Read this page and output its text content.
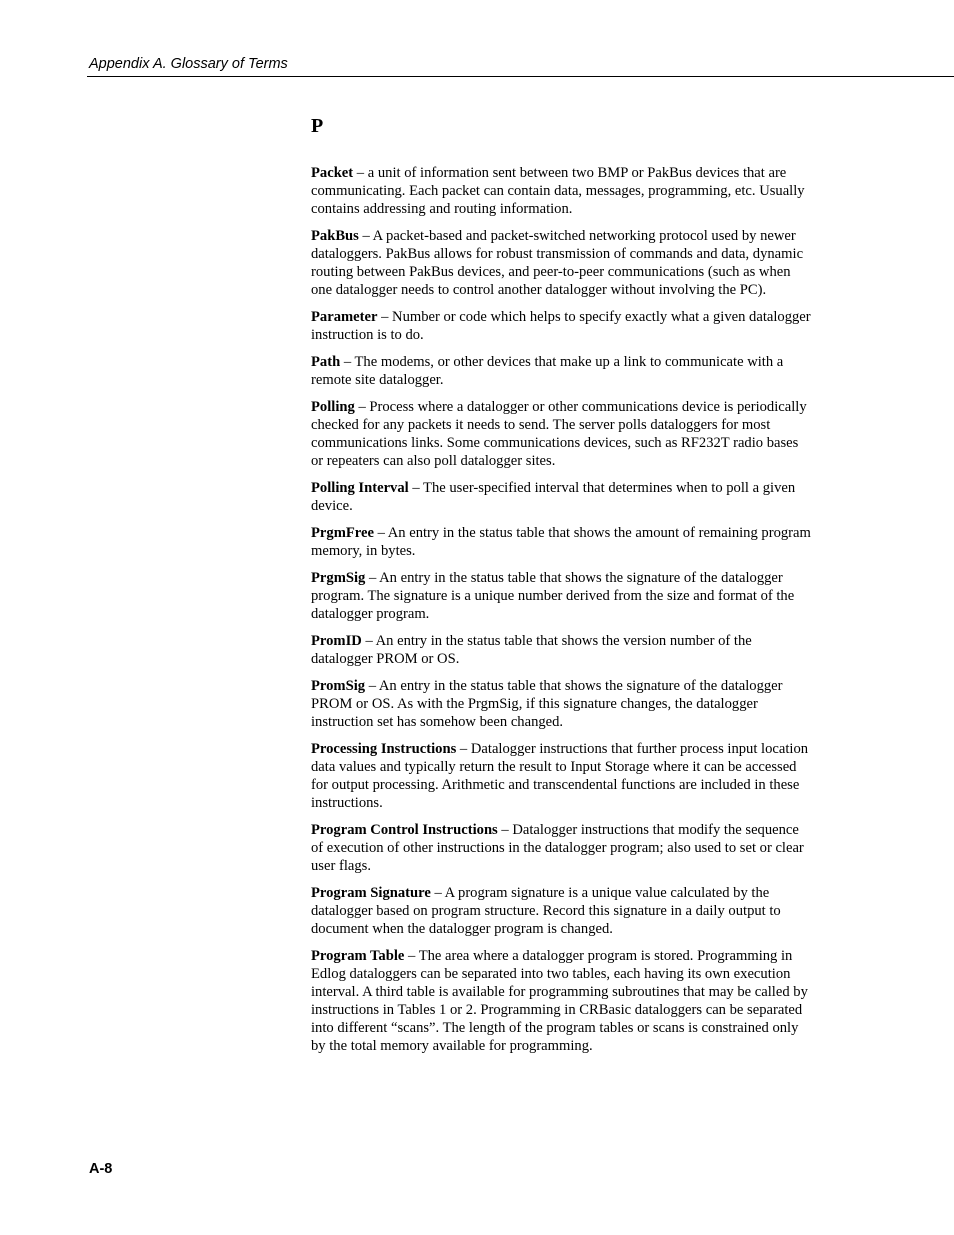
Appendix A. Glossary of Terms
P

Packet – a unit of information sent between two BMP or PakBus devices that are communicating. Each packet can contain data, messages, programming, etc. Usually contains addressing and routing information.

PakBus – A packet-based and packet-switched networking protocol used by newer dataloggers. PakBus allows for robust transmission of commands and data, dynamic routing between PakBus devices, and peer-to-peer communications (such as when one datalogger needs to control another datalogger without involving the PC).

Parameter – Number or code which helps to specify exactly what a given datalogger instruction is to do.

Path – The modems, or other devices that make up a link to communicate with a remote site datalogger.

Polling – Process where a datalogger or other communications device is periodically checked for any packets it needs to send. The server polls dataloggers for most communications links. Some communications devices, such as RF232T radio bases or repeaters can also poll datalogger sites.

Polling Interval – The user-specified interval that determines when to poll a given device.

PrgmFree – An entry in the status table that shows the amount of remaining program memory, in bytes.

PrgmSig – An entry in the status table that shows the signature of the datalogger program. The signature is a unique number derived from the size and format of the datalogger program.

PromID – An entry in the status table that shows the version number of the datalogger PROM or OS.

PromSig – An entry in the status table that shows the signature of the datalogger PROM or OS. As with the PrgmSig, if this signature changes, the datalogger instruction set has somehow been changed.

Processing Instructions – Datalogger instructions that further process input location data values and typically return the result to Input Storage where it can be accessed for output processing. Arithmetic and transcendental functions are included in these instructions.

Program Control Instructions – Datalogger instructions that modify the sequence of execution of other instructions in the datalogger program; also used to set or clear user flags.

Program Signature – A program signature is a unique value calculated by the datalogger based on program structure. Record this signature in a daily output to document when the datalogger program is changed.

Program Table – The area where a datalogger program is stored. Programming in Edlog dataloggers can be separated into two tables, each having its own execution interval. A third table is available for programming subroutines that may be called by instructions in Tables 1 or 2. Programming in CRBasic dataloggers can be separated into different “scans”. The length of the program tables or scans is constrained only by the total memory available for programming.

A-8
